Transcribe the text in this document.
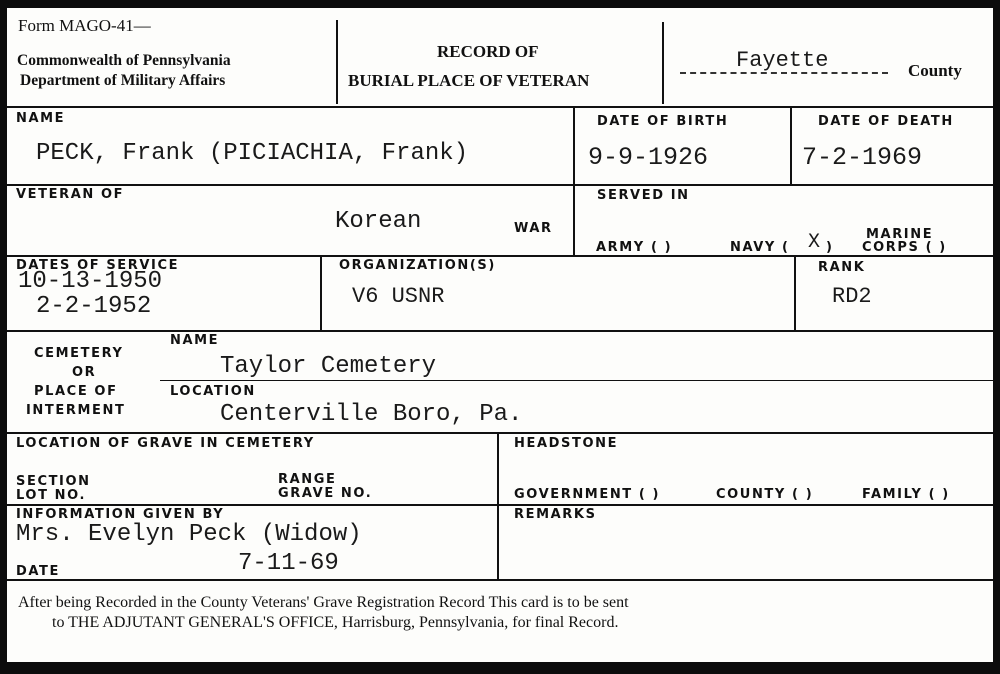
Form MAGO-41—
Commonwealth of Pennsylvania
Department of Military Affairs
RECORD OF
BURIAL PLACE OF VETERAN
Fayette	County
NAME
PECK, Frank (PICIACHIA, Frank)
DATE OF BIRTH
9-9-1926
DATE OF DEATH
7-2-1969
VETERAN OF
Korean	WAR
SERVED IN
ARMY ( )	NAVY ( X )
MARINE
CORPS ( )
DATES OF SERVICE
10-13-1950
2-2-1952
ORGANIZATION(S)
V6 USNR
RANK
RD2
CEMETERY
OR
PLACE OF
INTERMENT
NAME
Taylor Cemetery
LOCATION
Centerville Boro, Pa.
LOCATION OF GRAVE IN CEMETERY
SECTION
LOT NO.
RANGE
GRAVE NO.
HEADSTONE
GOVERNMENT ( )	COUNTY ( )	FAMILY ( )
INFORMATION GIVEN BY
Mrs. Evelyn Peck (Widow)
DATE	7-11-69
REMARKS
After being Recorded in the County Veterans' Grave Registration Record This card is to be sent
to THE ADJUTANT GENERAL'S OFFICE, Harrisburg, Pennsylvania, for final Record.
